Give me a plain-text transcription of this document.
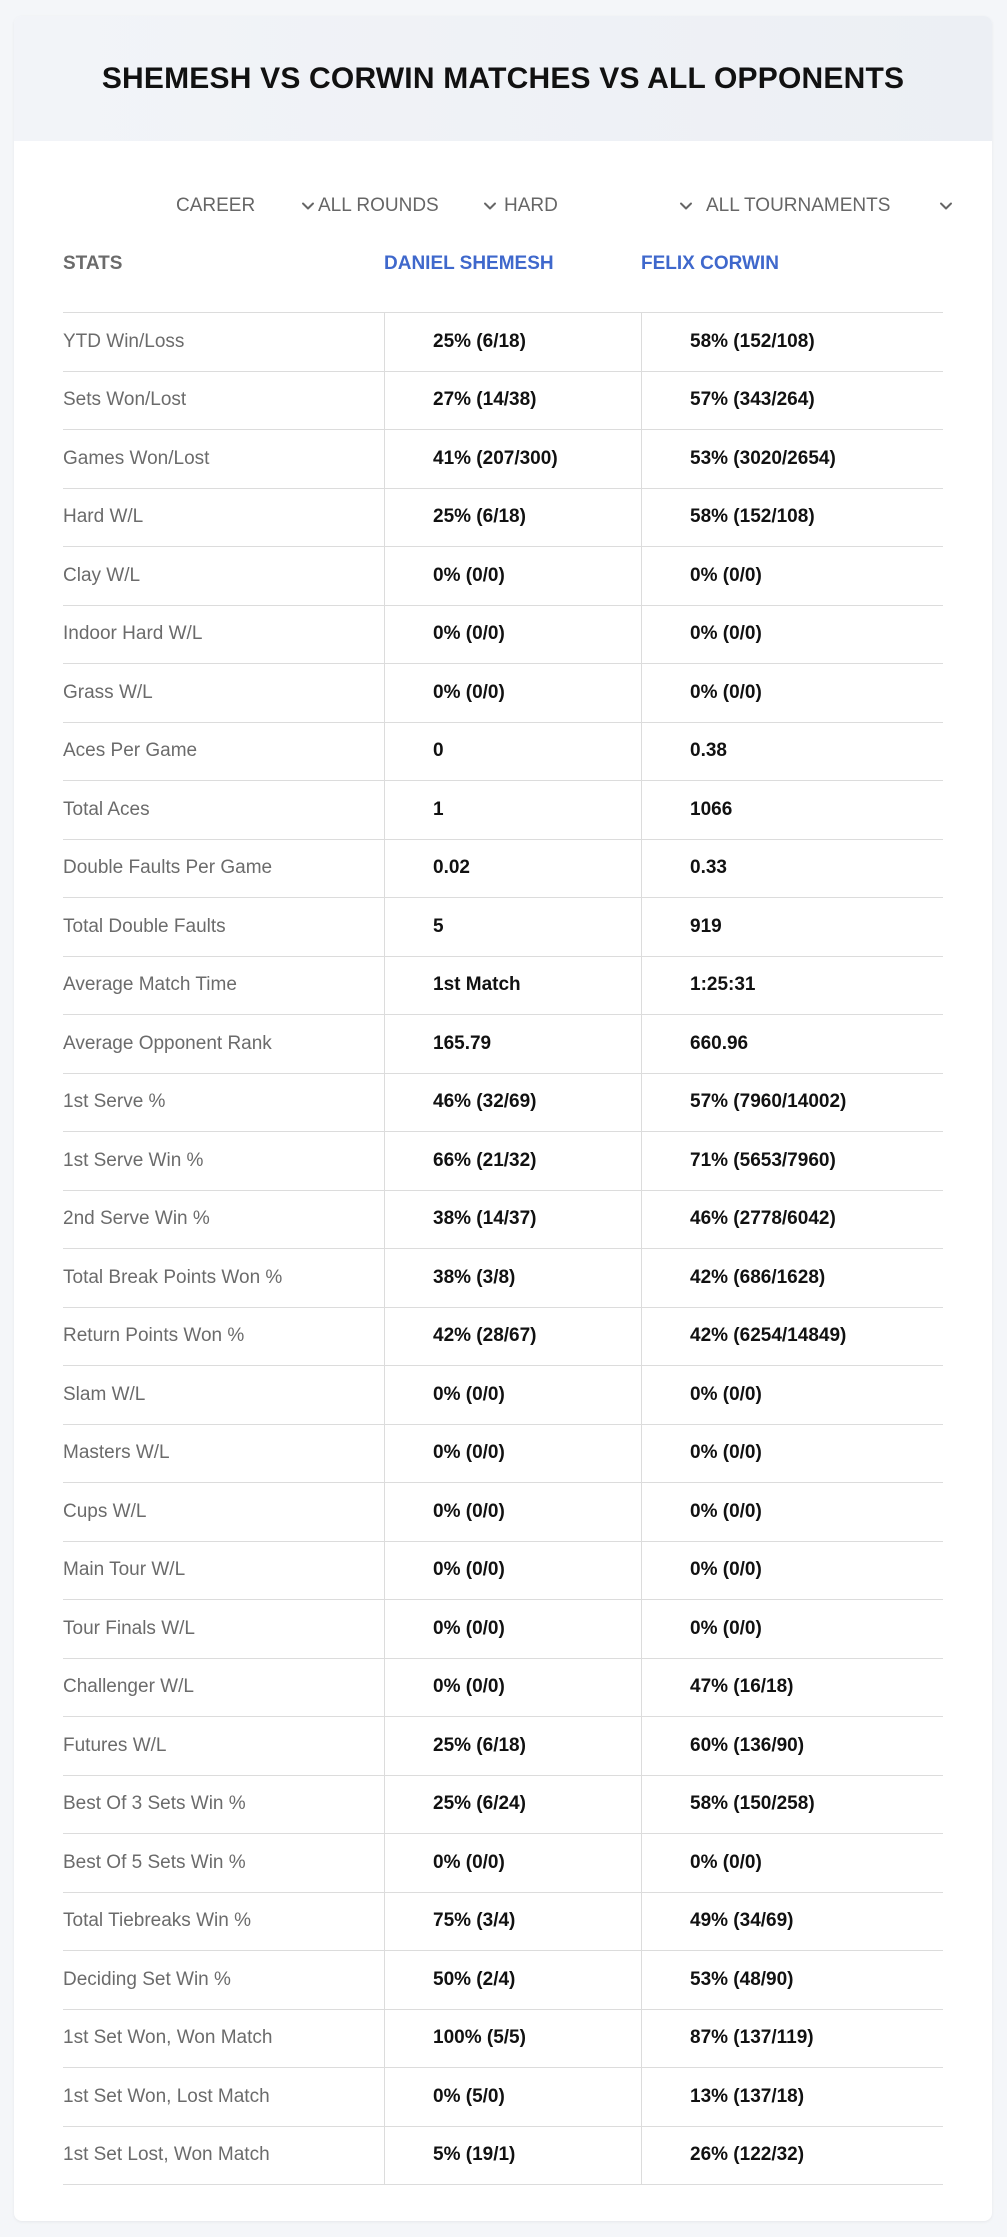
SHEMESH VS CORWIN MATCHES VS ALL OPPONENTS
CAREER	ALL ROUNDS	HARD	ALL TOURNAMENTS
STATS	DANIEL SHEMESH	FELIX CORWIN
YTD Win/Loss	25% (6/18)	58% (152/108)
Sets Won/Lost	27% (14/38)	57% (343/264)
Games Won/Lost	41% (207/300)	53% (3020/2654)
Hard W/L	25% (6/18)	58% (152/108)
Clay W/L	0% (0/0)	0% (0/0)
Indoor Hard W/L	0% (0/0)	0% (0/0)
Grass W/L	0% (0/0)	0% (0/0)
Aces Per Game	0	0.38
Total Aces	1	1066
Double Faults Per Game	0.02	0.33
Total Double Faults	5	919
Average Match Time	1st Match	1:25:31
Average Opponent Rank	165.79	660.96
1st Serve %	46% (32/69)	57% (7960/14002)
1st Serve Win %	66% (21/32)	71% (5653/7960)
2nd Serve Win %	38% (14/37)	46% (2778/6042)
Total Break Points Won %	38% (3/8)	42% (686/1628)
Return Points Won %	42% (28/67)	42% (6254/14849)
Slam W/L	0% (0/0)	0% (0/0)
Masters W/L	0% (0/0)	0% (0/0)
Cups W/L	0% (0/0)	0% (0/0)
Main Tour W/L	0% (0/0)	0% (0/0)
Tour Finals W/L	0% (0/0)	0% (0/0)
Challenger W/L	0% (0/0)	47% (16/18)
Futures W/L	25% (6/18)	60% (136/90)
Best Of 3 Sets Win %	25% (6/24)	58% (150/258)
Best Of 5 Sets Win %	0% (0/0)	0% (0/0)
Total Tiebreaks Win %	75% (3/4)	49% (34/69)
Deciding Set Win %	50% (2/4)	53% (48/90)
1st Set Won, Won Match	100% (5/5)	87% (137/119)
1st Set Won, Lost Match	0% (5/0)	13% (137/18)
1st Set Lost, Won Match	5% (19/1)	26% (122/32)
